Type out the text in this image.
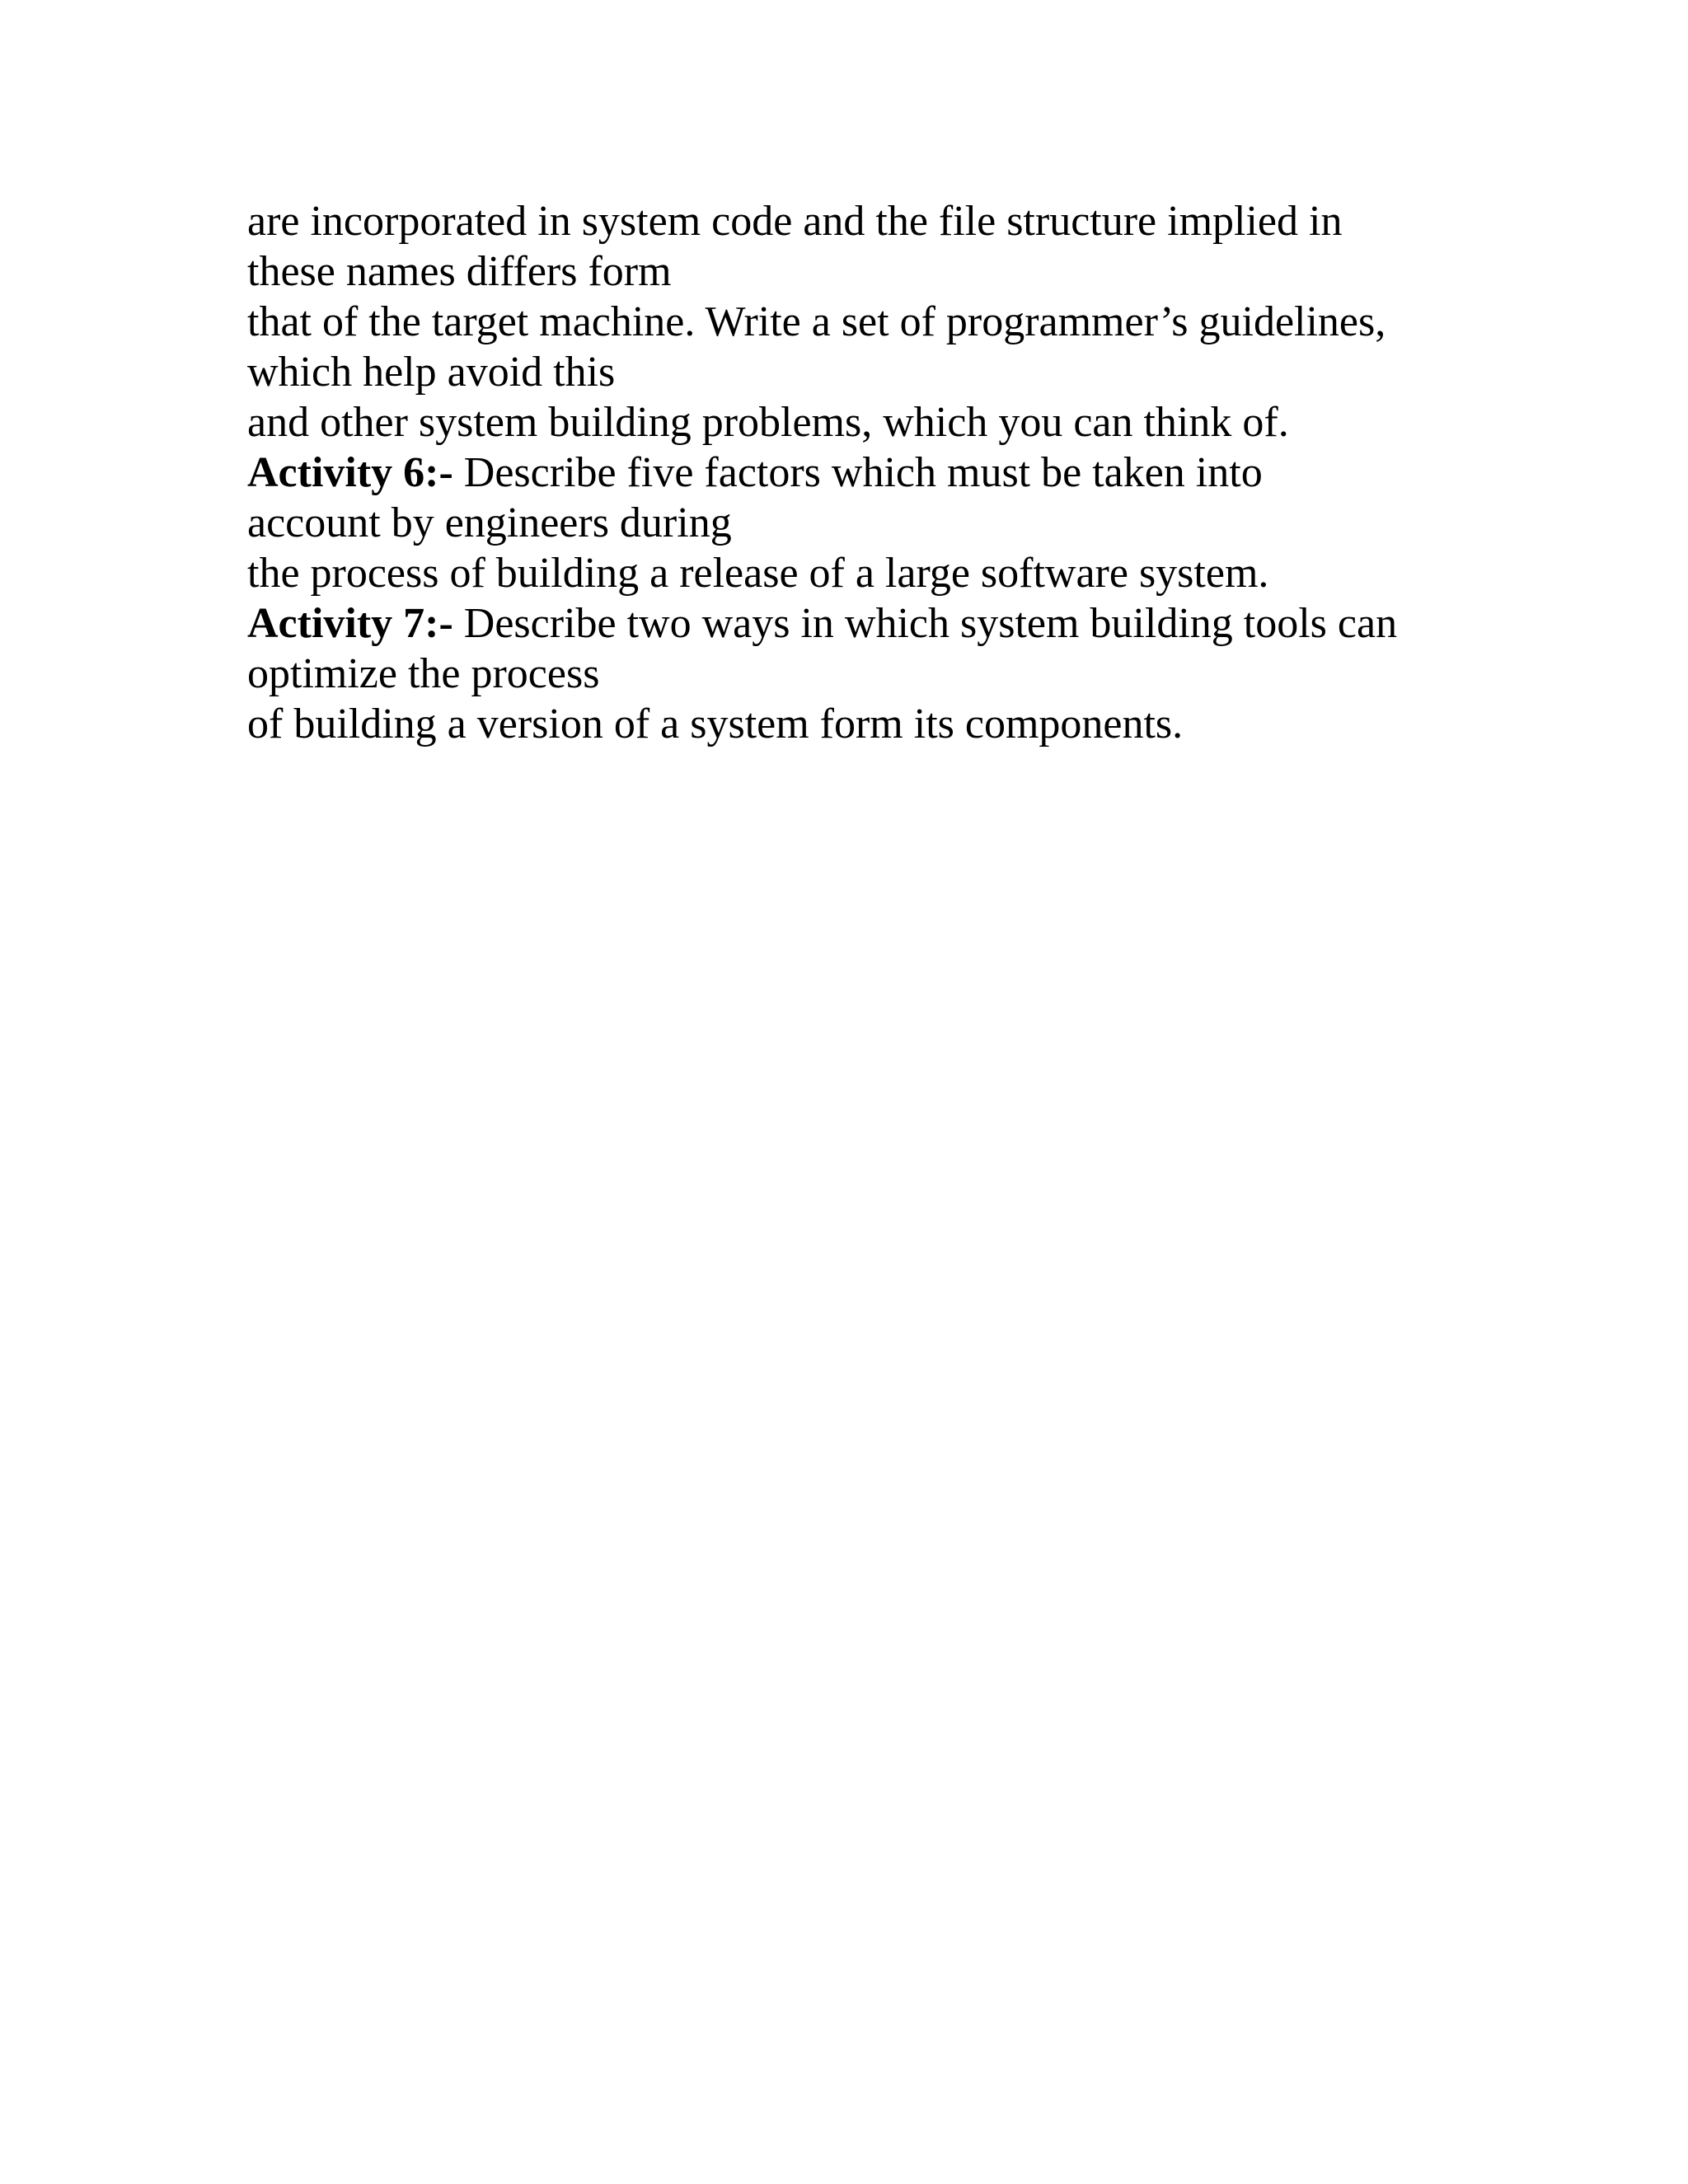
are incorporated in system code and the file structure implied in

these names differs form

that of the target machine. Write a set of programmer’s guidelines,

which help avoid this

and other system building problems, which you can think of.

Activity 6:- Describe five factors which must be taken into

account by engineers during

the process of building a release of a large software system.

Activity 7:- Describe two ways in which system building tools can

optimize the process

of building a version of a system form its components.
